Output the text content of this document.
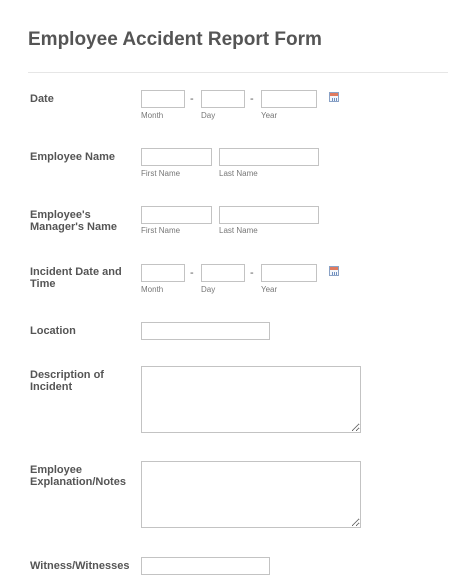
Employee Accident Report Form
Date	-	-
Month	Day	Year
Employee Name
First Name	Last Name
Employee's Manager's Name	First Name	Last Name
Incident Date and Time
-	-
Month	Day	Year
Location
Description of Incident
Employee Explanation/Notes
Witness/Witnesses
